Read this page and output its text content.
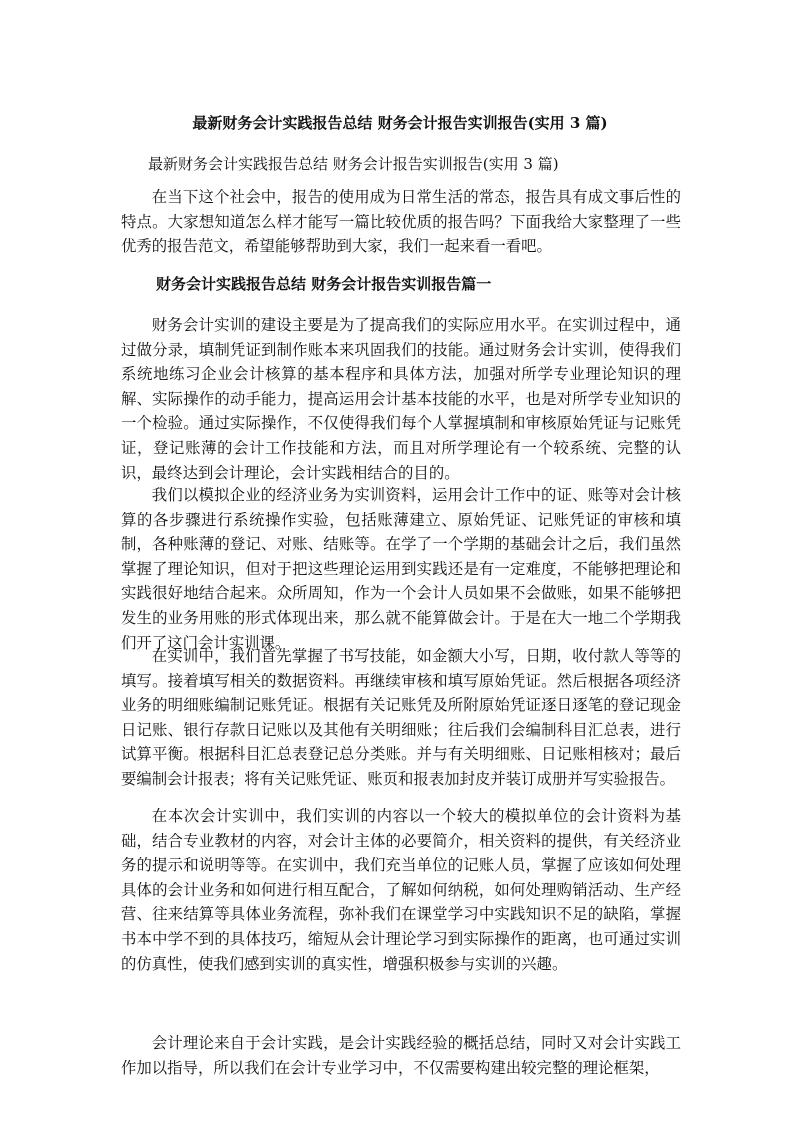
最新财务会计实践报告总结 财务会计报告实训报告(实用 3 篇)
最新财务会计实践报告总结 财务会计报告实训报告(实用 3 篇)

在当下这个社会中，报告的使用成为日常生活的常态，报告具有成文事后性的特点。大家想知道怎么样才能写一篇比较优质的报告吗？下面我给大家整理了一些优秀的报告范文，希望能够帮助到大家，我们一起来看一看吧。

财务会计实践报告总结 财务会计报告实训报告篇一

财务会计实训的建设主要是为了提高我们的实际应用水平。在实训过程中，通过做分录，填制凭证到制作账本来巩固我们的技能。通过财务会计实训，使得我们系统地练习企业会计核算的基本程序和具体方法，加强对所学专业理论知识的理解、实际操作的动手能力，提高运用会计基本技能的水平，也是对所学专业知识的一个检验。通过实际操作，不仅使得我们每个人掌握填制和审核原始凭证与记账凭证，登记账薄的会计工作技能和方法，而且对所学理论有一个较系统、完整的认识，最终达到会计理论，会计实践相结合的目的。

我们以模拟企业的经济业务为实训资料，运用会计工作中的证、账等对会计核算的各步骤进行系统操作实验，包括账薄建立、原始凭证、记账凭证的审核和填制，各种账薄的登记、对账、结账等。在学了一个学期的基础会计之后，我们虽然掌握了理论知识，但对于把这些理论运用到实践还是有一定难度，不能够把理论和实践很好地结合起来。众所周知，作为一个会计人员如果不会做账，如果不能够把发生的业务用账的形式体现出来，那么就不能算做会计。于是在大一地二个学期我们开了这门会计实训课。

在实训中，我们首先掌握了书写技能，如金额大小写，日期，收付款人等等的填写。接着填写相关的数据资料。再继续审核和填写原始凭证。然后根据各项经济业务的明细账编制记账凭证。根据有关记账凭及所附原始凭证逐日逐笔的登记现金日记账、银行存款日记账以及其他有关明细账；往后我们会编制科目汇总表，进行试算平衡。根据科目汇总表登记总分类账。并与有关明细账、日记账相核对；最后要编制会计报表；将有关记账凭证、账页和报表加封皮并装订成册并写实验报告。

在本次会计实训中，我们实训的内容以一个较大的模拟单位的会计资料为基础，结合专业教材的内容，对会计主体的必要简介，相关资料的提供，有关经济业务的提示和说明等等。在实训中，我们充当单位的记账人员，掌握了应该如何处理具体的会计业务和如何进行相互配合，了解如何纳税，如何处理购销活动、生产经营、往来结算等具体业务流程，弥补我们在课堂学习中实践知识不足的缺陷，掌握书本中学不到的具体技巧，缩短从会计理论学习到实际操作的距离，也可通过实训的仿真性，使我们感到实训的真实性，增强积极参与实训的兴趣。

会计理论来自于会计实践，是会计实践经验的概括总结，同时又对会计实践工作加以指导，所以我们在会计专业学习中，不仅需要构建出较完整的理论框架，
